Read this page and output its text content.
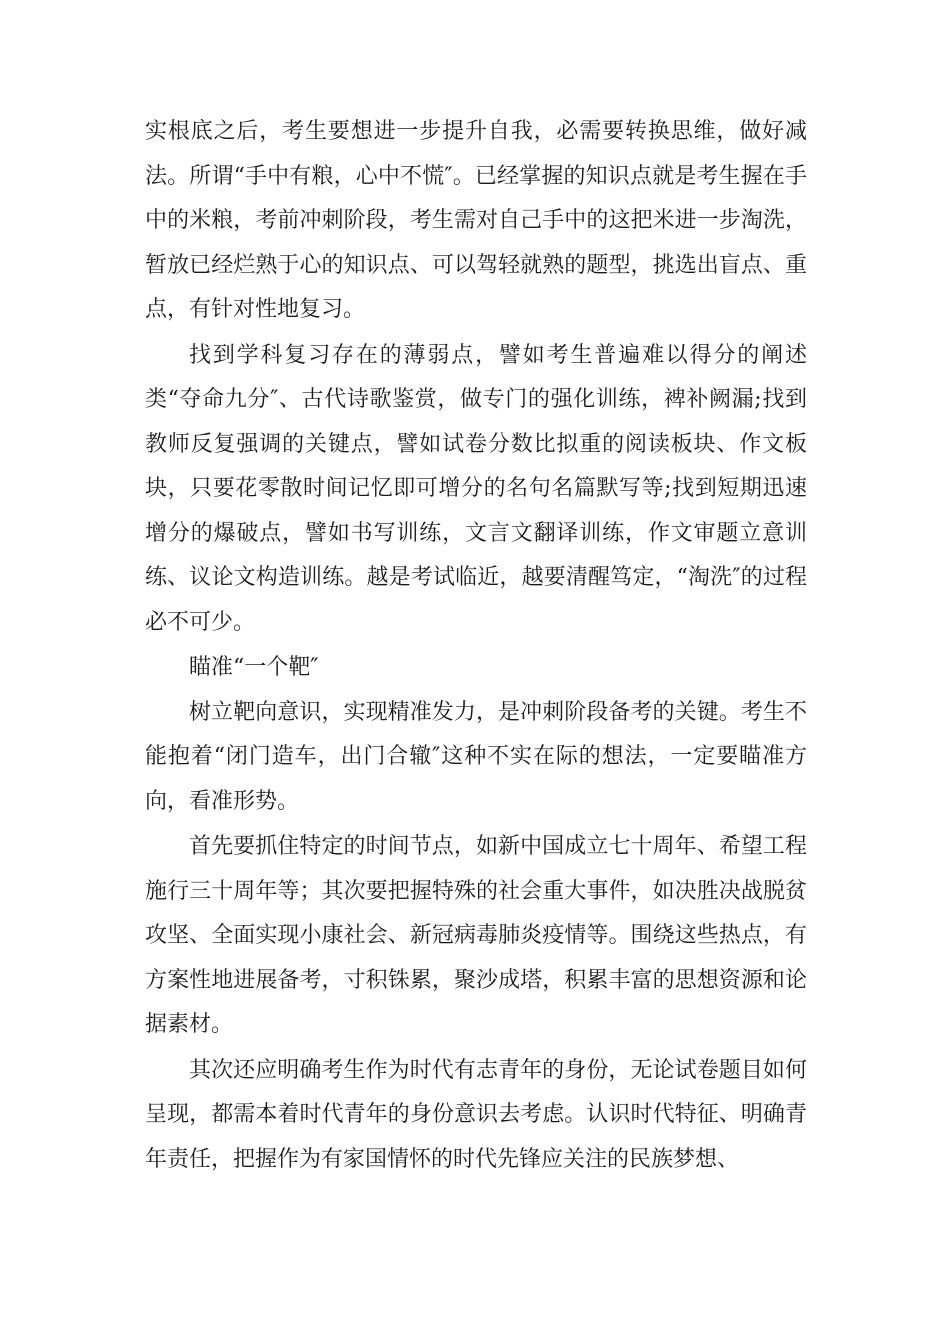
实根底之后，考生要想进一步提升自我，必需要转换思维，做好减法。所谓“手中有粮，心中不慌″。已经掌握的知识点就是考生握在手中的米粮，考前冲刺阶段，考生需对自己手中的这把米进一步淘洗，暂放已经烂熟于心的知识点、可以驾轻就熟的题型，挑选出盲点、重点，有针对性地复习。

找到学科复习存在的薄弱点，譬如考生普遍难以得分的阐述类“夺命九分″、古代诗歌鉴赏，做专门的强化训练，裨补阙漏;找到教师反复强调的关键点，譬如试卷分数比拟重的阅读板块、作文板块，只要花零散时间记忆即可增分的名句名篇默写等;找到短期迅速增分的爆破点，譬如书写训练，文言文翻译训练，作文审题立意训练、议论文构造训练。越是考试临近，越要清醒笃定，“淘洗″的过程必不可少。

瞄准“一个靶″

树立靶向意识，实现精准发力，是冲刺阶段备考的关键。考生不能抱着“闭门造车，出门合辙″这种不实在际的想法，一定要瞄准方向，看准形势。

首先要抓住特定的时间节点，如新中国成立七十周年、希望工程施行三十周年等；其次要把握特殊的社会重大事件，如决胜决战脱贫攻坚、全面实现小康社会、新冠病毒肺炎疫情等。围绕这些热点，有方案性地进展备考，寸积铢累，聚沙成塔，积累丰富的思想资源和论据素材。

其次还应明确考生作为时代有志青年的身份，无论试卷题目如何呈现，都需本着时代青年的身份意识去考虑。认识时代特征、明确青年责任，把握作为有家国情怀的时代先锋应关注的民族梦想、
